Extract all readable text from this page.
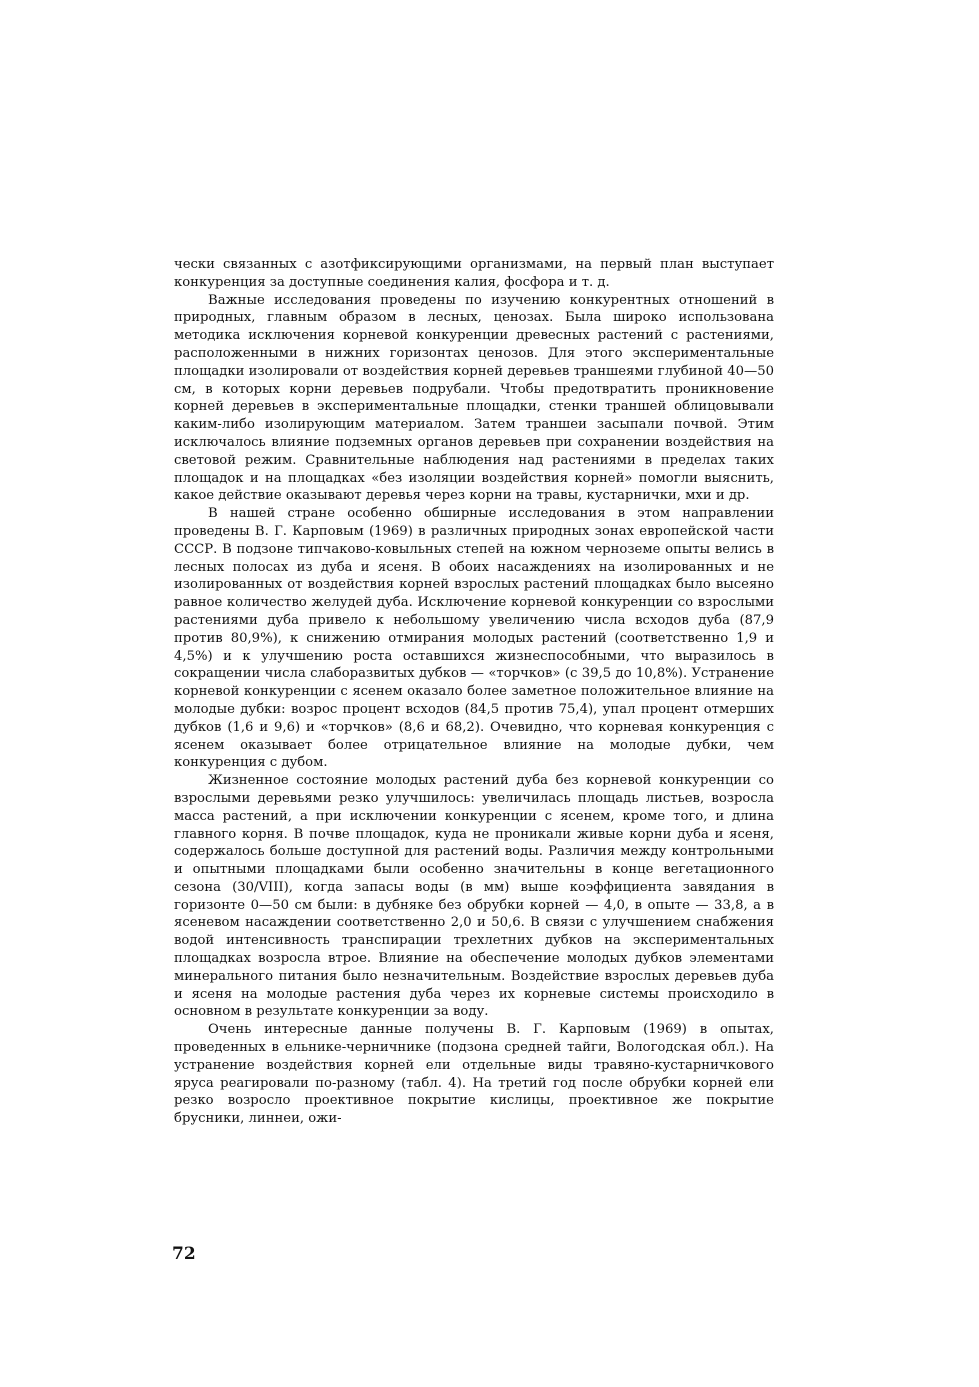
чески связанных с азотфиксирующими организмами, на первый план выступает конкуренция за доступные соединения калия, фосфора и т. д.

Важные исследования проведены по изучению конкурентных отношений в природных, главным образом в лесных, ценозах. Была широко использована методика исключения корневой конкуренции древесных растений с растениями, расположенными в нижних горизонтах ценозов. Для этого экспериментальные площадки изолировали от воздействия корней деревьев траншеями глубиной 40—50 см, в которых корни деревьев подрубали. Чтобы предотвратить проникновение корней деревьев в экспериментальные площадки, стенки траншей облицовывали каким-либо изолирующим материалом. Затем траншеи засыпали почвой. Этим исключалось влияние подземных органов деревьев при сохранении воздействия на световой режим. Сравнительные наблюдения над растениями в пределах таких площадок и на площадках «без изоляции воздействия корней» помогли выяснить, какое действие оказывают деревья через корни на травы, кустарнички, мхи и др.

В нашей стране особенно обширные исследования в этом направлении проведены В. Г. Карповым (1969) в различных природных зонах европейской части СССР. В подзоне типчаково-ковыльных степей на южном черноземе опыты велись в лесных полосах из дуба и ясеня. В обоих насаждениях на изолированных и не изолированных от воздействия корней взрослых растений площадках было высеяно равное количество желудей дуба. Исключение корневой конкуренции со взрослыми растениями дуба привело к небольшому увеличению числа всходов дуба (87,9 против 80,9%), к снижению отмирания молодых растений (соответственно 1,9 и 4,5%) и к улучшению роста оставшихся жизнеспособными, что выразилось в сокращении числа слаборазвитых дубков — «торчков» (с 39,5 до 10,8%). Устранение корневой конкуренции с ясенем оказало более заметное положительное влияние на молодые дубки: возрос процент всходов (84,5 против 75,4), упал процент отмерших дубков (1,6 и 9,6) и «торчков» (8,6 и 68,2). Очевидно, что корневая конкуренция с ясенем оказывает более отрицательное влияние на молодые дубки, чем конкуренция с дубом.

Жизненное состояние молодых растений дуба без корневой конкуренции со взрослыми деревьями резко улучшилось: увеличилась площадь листьев, возросла масса растений, а при исключении конкуренции с ясенем, кроме того, и длина главного корня. В почве площадок, куда не проникали живые корни дуба и ясеня, содержалось больше доступной для растений воды. Различия между контрольными и опытными площадками были особенно значительны в конце вегетационного сезона (30/VIII), когда запасы воды (в мм) выше коэффициента завядания в горизонте 0—50 см были: в дубняке без обрубки корней — 4,0, в опыте — 33,8, а в ясеневом насаждении соответственно 2,0 и 50,6. В связи с улучшением снабжения водой интенсивность транспирации трехлетних дубков на экспериментальных площадках возросла втрое. Влияние на обеспечение молодых дубков элементами минерального питания было незначительным. Воздействие взрослых деревьев дуба и ясеня на молодые растения дуба через их корневые системы происходило в основном в результате конкуренции за воду.

Очень интересные данные получены В. Г. Карповым (1969) в опытах, проведенных в ельнике-черничнике (подзона средней тайги, Вологодская обл.). На устранение воздействия корней ели отдельные виды травяно-кустарничкового яруса реагировали по-разному (табл. 4). На третий год после обрубки корней ели резко возросло проективное покрытие кислицы, проективное же покрытие брусники, линнеи, ожи-

72
